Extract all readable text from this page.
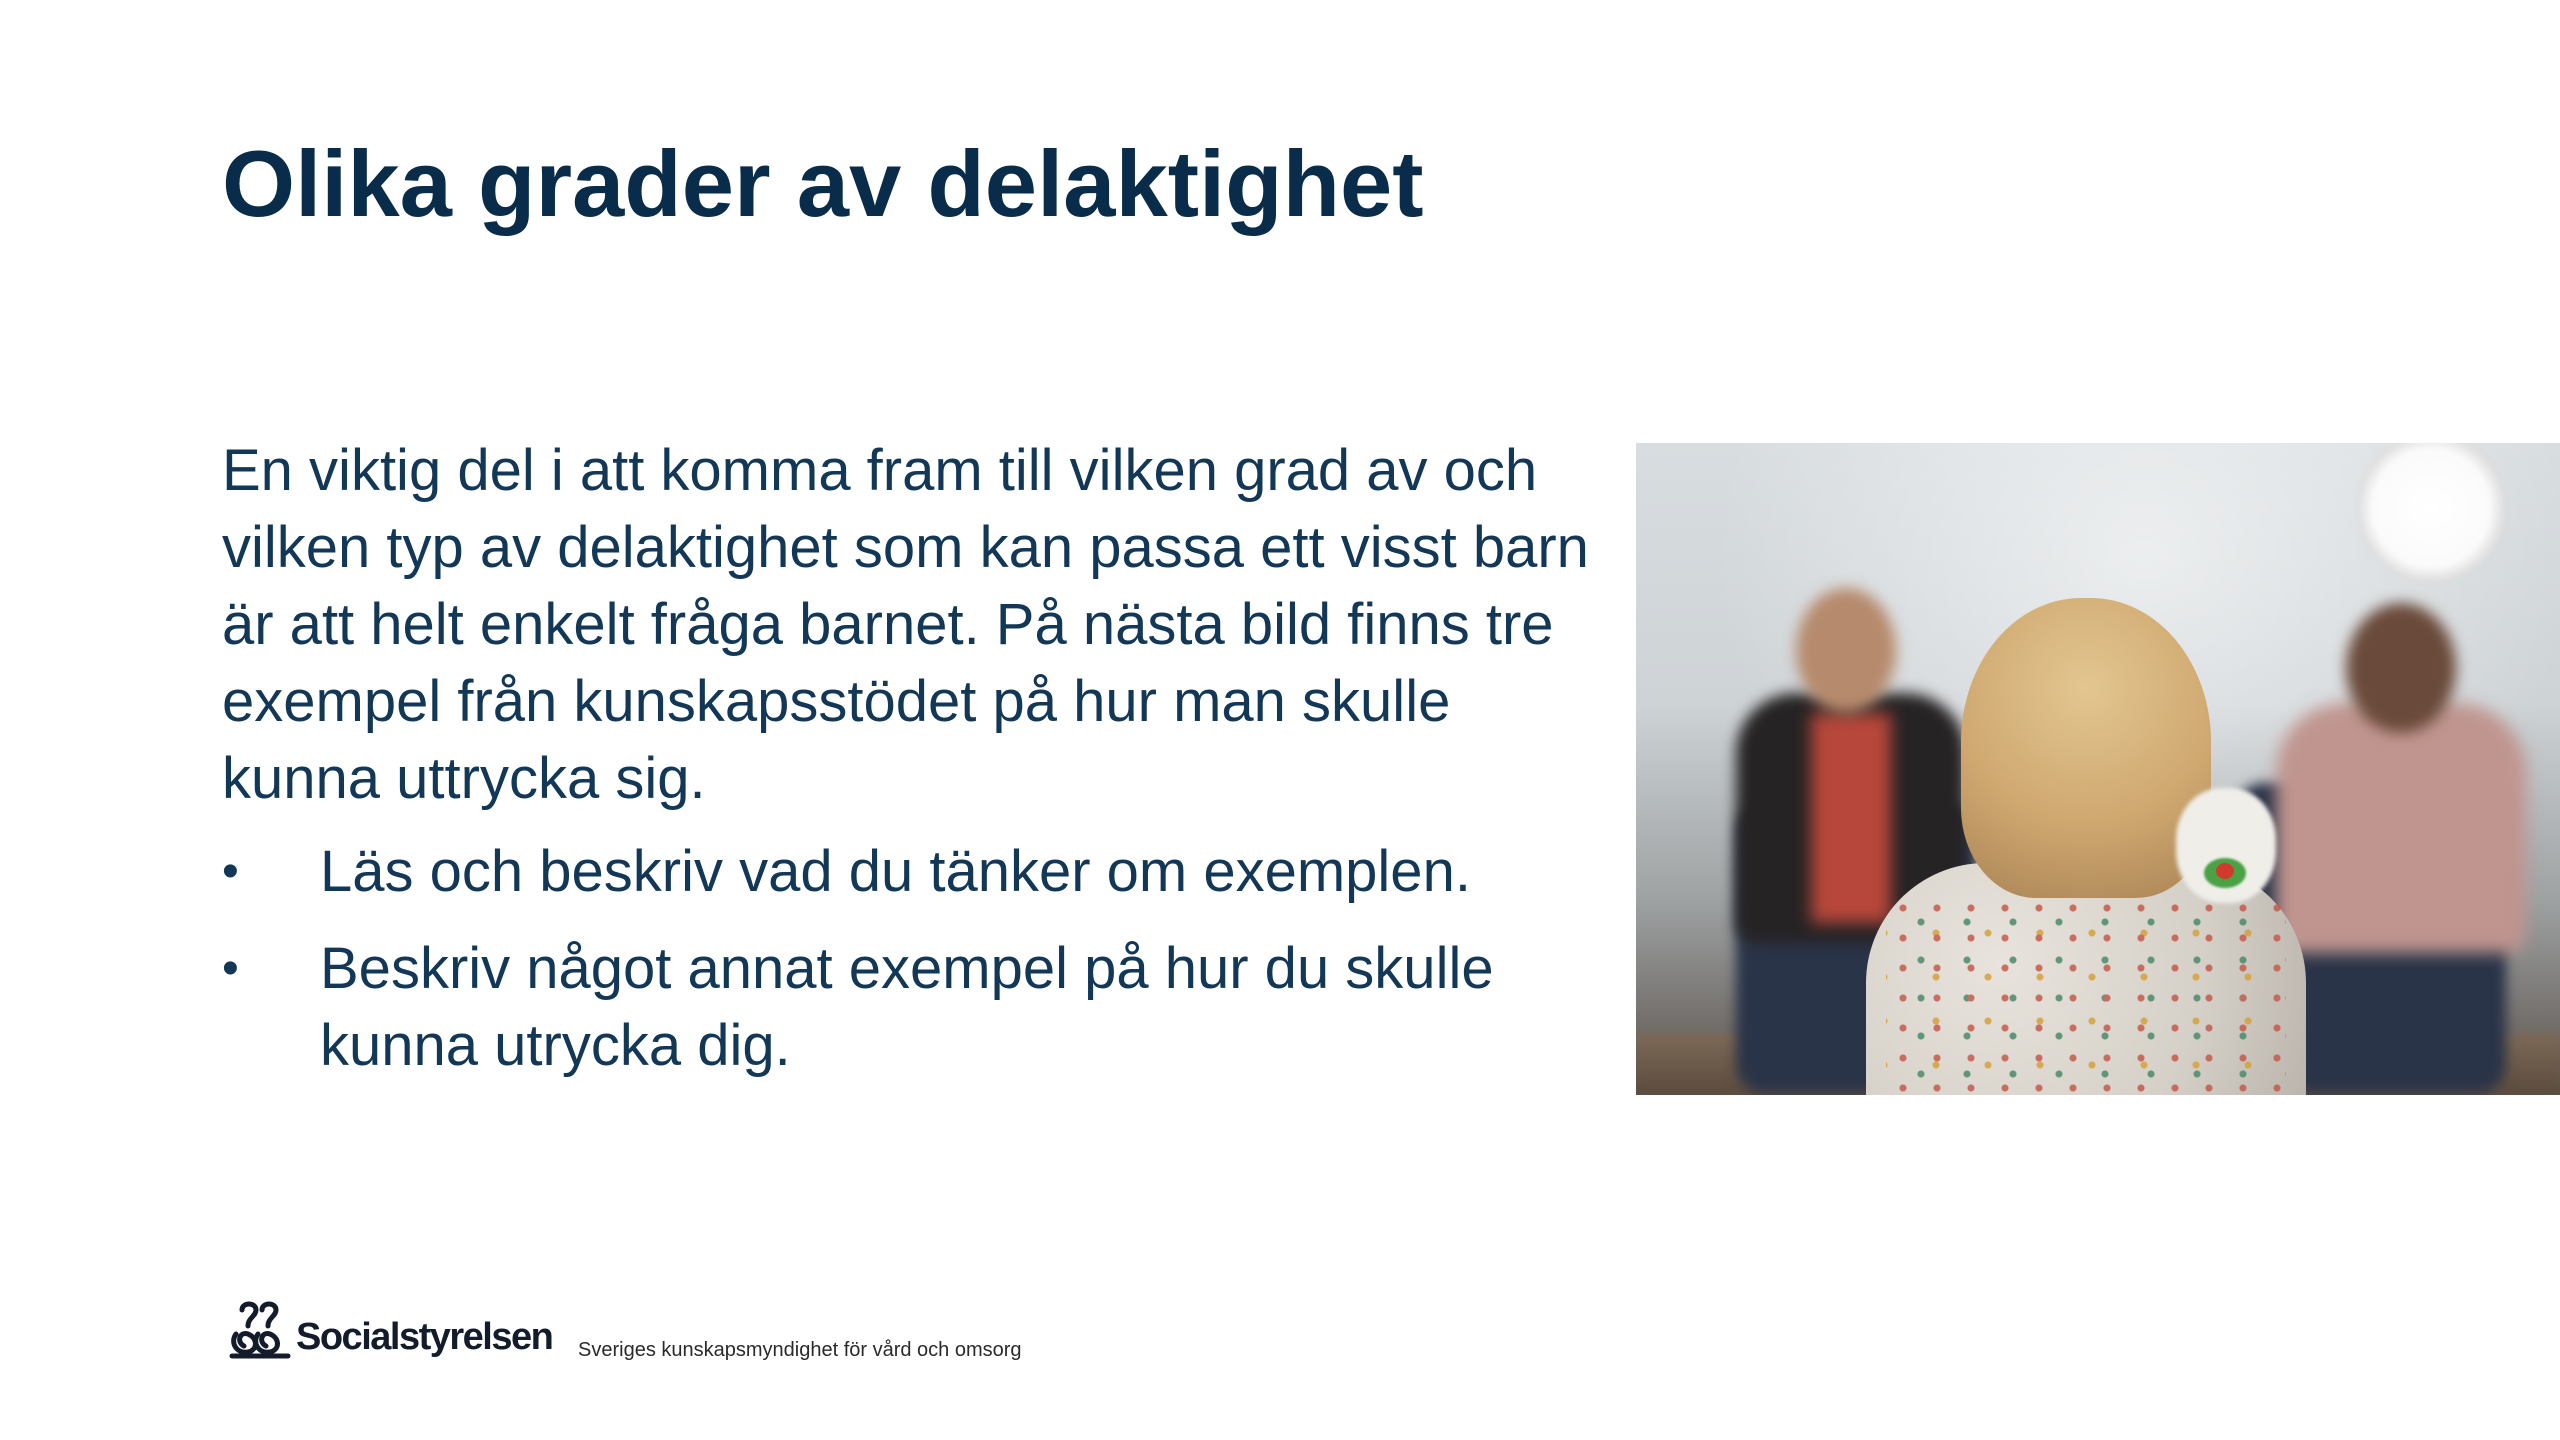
Olika grader av delaktighet

En viktig del i att komma fram till vilken grad av och vilken typ av delaktighet som kan passa ett visst barn är att helt enkelt fråga barnet. På nästa bild finns tre exempel från kunskapsstödet på hur man skulle kunna uttrycka sig.

•	Läs och beskriv vad du tänker om exemplen.
•	Beskriv något annat exempel på hur du skulle kunna utrycka dig.
Socialstyrelsen Sveriges kunskapsmyndighet för vård och omsorg
